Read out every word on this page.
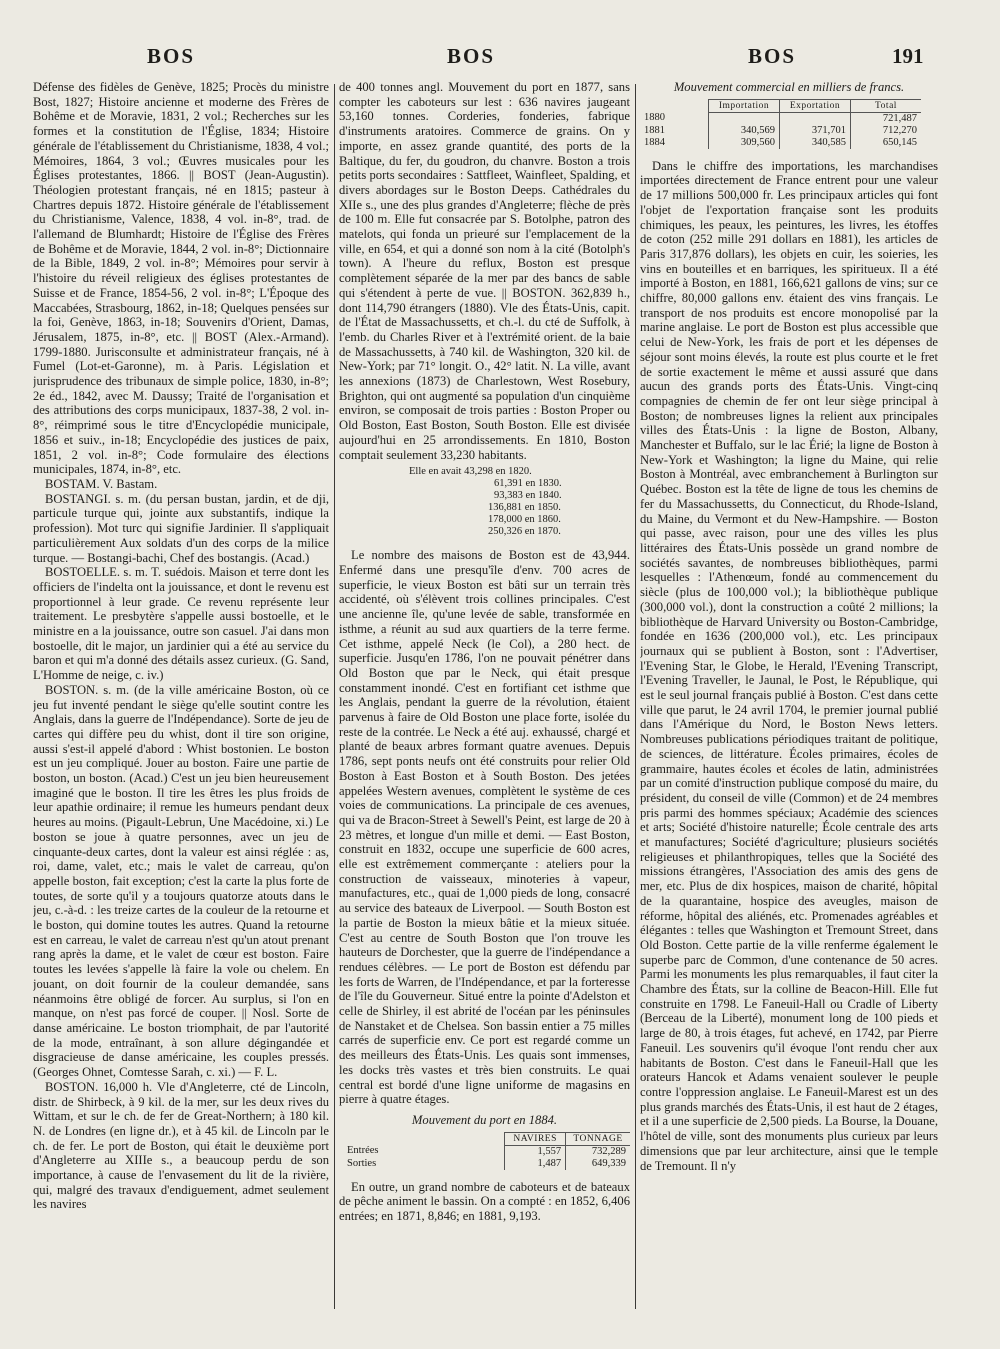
BOS	BOS	BOS	191

Défense des fidèles de Genève, 1825; Procès du ministre Bost, 1827; Histoire ancienne et moderne des Frères de Bohême et de Moravie, 1831, 2 vol.; Recherches sur les formes et la constitution de l'Église, 1834; Histoire générale de l'établissement du Christianisme, 1838, 4 vol.; Mémoires, 1864, 3 vol.; Œuvres musicales pour les Églises protestantes, 1866. || BOST (Jean-Augustin). Théologien protestant français, né en 1815; pasteur à Chartres depuis 1872. Histoire générale de l'établissement du Christianisme, Valence, 1838, 4 vol. in-8°, trad. de l'allemand de Blumhardt; Histoire de l'Église des Frères de Bohême et de Moravie, 1844, 2 vol. in-8°; Dictionnaire de la Bible, 1849, 2 vol. in-8°; Mémoires pour servir à l'histoire du réveil religieux des églises protestantes de Suisse et de France, 1854-56, 2 vol. in-8°; L'Époque des Maccabées, Strasbourg, 1862, in-18; Quelques pensées sur la foi, Genève, 1863, in-18; Souvenirs d'Orient, Damas, Jérusalem, 1875, in-8°, etc. || BOST (Alex.-Armand). 1799-1880. Jurisconsulte et administrateur français, né à Fumel (Lot-et-Garonne), m. à Paris. Législation et jurisprudence des tribunaux de simple police, 1830, in-8°; 2e éd., 1842, avec M. Daussy; Traité de l'organisation et des attributions des corps municipaux, 1837-38, 2 vol. in-8°, réimprimé sous le titre d'Encyclopédie municipale, 1856 et suiv., in-18; Encyclopédie des justices de paix, 1851, 2 vol. in-8°; Code formulaire des élections municipales, 1874, in-8°, etc.

BOSTAM. V. Bastam.

BOSTANGI. s. m. (du persan bustan, jardin, et de dji, particule turque qui, jointe aux substantifs, indique la profession). Mot turc qui signifie Jardinier. Il s'appliquait particulièrement Aux soldats d'un des corps de la milice turque. — Bostangi-bachi, Chef des bostangis. (Acad.)

BOSTOELLE. s. m. T. suédois. Maison et terre dont les officiers de l'indelta ont la jouissance, et dont le revenu est proportionnel à leur grade. Ce revenu représente leur traitement. Le presbytère s'appelle aussi bostoelle, et le ministre en a la jouissance, outre son casuel. J'ai dans mon bostoelle, dit le major, un jardinier qui a été au service du baron et qui m'a donné des détails assez curieux. (G. Sand, L'Homme de neige, c. iv.)

BOSTON. s. m. (de la ville américaine Boston, où ce jeu fut inventé pendant le siège qu'elle soutint contre les Anglais, dans la guerre de l'Indépendance). Sorte de jeu de cartes qui diffère peu du whist, dont il tire son origine, aussi s'est-il appelé d'abord : Whist bostonien. Le boston est un jeu compliqué. Jouer au boston. Faire une partie de boston, un boston. (Acad.) C'est un jeu bien heureusement imaginé que le boston. Il tire les êtres les plus froids de leur apathie ordinaire; il remue les humeurs pendant deux heures au moins. (Pigault-Lebrun, Une Macédoine, xi.) Le boston se joue à quatre personnes, avec un jeu de cinquante-deux cartes, dont la valeur est ainsi réglée : as, roi, dame, valet, etc.; mais le valet de carreau, qu'on appelle boston, fait exception; c'est la carte la plus forte de toutes, de sorte qu'il y a toujours quatorze atouts dans le jeu, c.-à-d. : les treize cartes de la couleur de la retourne et le boston, qui domine toutes les autres. Quand la retourne est en carreau, le valet de carreau n'est qu'un atout prenant rang après la dame, et le valet de cœur est boston. Faire toutes les levées s'appelle là faire la vole ou chelem. En jouant, on doit fournir de la couleur demandée, sans néanmoins être obligé de forcer. Au surplus, si l'on en manque, on n'est pas forcé de couper. || Nosl. Sorte de danse américaine. Le boston triomphait, de par l'autorité de la mode, entraînant, à son allure dégingandée et disgracieuse de danse américaine, les couples pressés. (Georges Ohnet, Comtesse Sarah, c. xi.) — F. L.

BOSTON. 16,000 h. Vle d'Angleterre, cté de Lincoln, distr. de Shirbeck, à 9 kil. de la mer, sur les deux rives du Wittam, et sur le ch. de fer de Great-Northern; à 180 kil. N. de Londres (en ligne dr.), et à 45 kil. de Lincoln par le ch. de fer. Le port de Boston, qui était le deuxième port d'Angleterre au XIIIe s., a beaucoup perdu de son importance, à cause de l'envasement du lit de la rivière, qui, malgré des travaux d'endiguement, admet seulement les navires

de 400 tonnes angl. Mouvement du port en 1877, sans compter les caboteurs sur lest : 636 navires jaugeant 53,160 tonnes. Corderies, fonderies, fabrique d'instruments aratoires. Commerce de grains. On y importe, en assez grande quantité, des ports de la Baltique, du fer, du goudron, du chanvre. Boston a trois petits ports secondaires : Sattfleet, Wainfleet, Spalding, et divers abordages sur le Boston Deeps. Cathédrales du XIIe s., une des plus grandes d'Angleterre; flèche de près de 100 m. Elle fut consacrée par S. Botolphe, patron des matelots, qui fonda un prieuré sur l'emplacement de la ville, en 654, et qui a donné son nom à la cité (Botolph's town). A l'heure du reflux, Boston est presque complètement séparée de la mer par des bancs de sable qui s'étendent à perte de vue. || BOSTON. 362,839 h., dont 114,790 étrangers (1880). Vle des États-Unis, capit. de l'État de Massachussetts, et ch.-l. du cté de Suffolk, à l'emb. du Charles River et à l'extrémité orient. de la baie de Massachussetts, à 740 kil. de Washington, 320 kil. de New-York; par 71° longit. O., 42° latit. N. La ville, avant les annexions (1873) de Charlestown, West Rosebury, Brighton, qui ont augmenté sa population d'un cinquième environ, se composait de trois parties : Boston Proper ou Old Boston, East Boston, South Boston. Elle est divisée aujourd'hui en 25 arrondissements. En 1810, Boston comptait seulement 33,230 habitants.

Elle en avait 43,298 en 1820.
61,391 en 1830.
93,383 en 1840.
136,881 en 1850.
178,000 en 1860.
250,326 en 1870.

Le nombre des maisons de Boston est de 43,944. Enfermé dans une presqu'île d'env. 700 acres de superficie, le vieux Boston est bâti sur un terrain très accidenté, où s'élèvent trois collines principales. C'est une ancienne île, qu'une levée de sable, transformée en isthme, a réunit au sud aux quartiers de la terre ferme. Cet isthme, appelé Neck (le Col), a 280 hect. de superficie. Jusqu'en 1786, l'on ne pouvait pénétrer dans Old Boston que par le Neck, qui était presque constamment inondé. C'est en fortifiant cet isthme que les Anglais, pendant la guerre de la révolution, étaient parvenus à faire de Old Boston une place forte, isolée du reste de la contrée. Le Neck a été auj. exhaussé, chargé et planté de beaux arbres formant quatre avenues. Depuis 1786, sept ponts neufs ont été construits pour relier Old Boston à East Boston et à South Boston. Des jetées appelées Western avenues, complètent le système de ces voies de communications. La principale de ces avenues, qui va de Bracon-Street à Sewell's Peint, est large de 20 à 23 mètres, et longue d'un mille et demi. — East Boston, construit en 1832, occupe une superficie de 600 acres, elle est extrêmement commerçante : ateliers pour la construction de vaisseaux, minoteries à vapeur, manufactures, etc., quai de 1,000 pieds de long, consacré au service des bateaux de Liverpool. — South Boston est la partie de Boston la mieux bâtie et la mieux située. C'est au centre de South Boston que l'on trouve les hauteurs de Dorchester, que la guerre de l'indépendance a rendues célèbres. — Le port de Boston est défendu par les forts de Warren, de l'Indépendance, et par la forteresse de l'île du Gouverneur. Situé entre la pointe d'Adelston et celle de Shirley, il est abrité de l'océan par les péninsules de Nanstaket et de Chelsea. Son bassin entier a 75 milles carrés de superficie env. Ce port est regardé comme un des meilleurs des États-Unis. Les quais sont immenses, les docks très vastes et très bien construits. Le quai central est bordé d'une ligne uniforme de magasins en pierre à quatre étages.

Mouvement du port en 1884.
	NAVIRES	TONNAGE
Entrées	1,557	732,289
Sorties	1,487	649,339

En outre, un grand nombre de caboteurs et de bateaux de pêche animent le bassin. On a compté : en 1852, 6,406 entrées; en 1871, 8,846; en 1881, 9,193.

Mouvement commercial en milliers de francs.
	Importation	Exportation	Total
1880			721,487
1881	340,569	371,701	712,270
1884	309,560	340,585	650,145

Dans le chiffre des importations, les marchandises importées directement de France entrent pour une valeur de 17 millions 500,000 fr. Les principaux articles qui font l'objet de l'exportation française sont les produits chimiques, les peaux, les peintures, les livres, les étoffes de coton (252 mille 291 dollars en 1881), les articles de Paris 317,876 dollars), les objets en cuir, les soieries, les vins en bouteilles et en barriques, les spiritueux. Il a été importé à Boston, en 1881, 166,621 gallons de vins; sur ce chiffre, 80,000 gallons env. étaient des vins français. Le transport de nos produits est encore monopolisé par la marine anglaise. Le port de Boston est plus accessible que celui de New-York, les frais de port et les dépenses de séjour sont moins élevés, la route est plus courte et le fret de sortie exactement le même et aussi assuré que dans aucun des grands ports des États-Unis. Vingt-cinq compagnies de chemin de fer ont leur siège principal à Boston; de nombreuses lignes la relient aux principales villes des États-Unis : la ligne de Boston, Albany, Manchester et Buffalo, sur le lac Érié; la ligne de Boston à New-York et Washington; la ligne du Maine, qui relie Boston à Montréal, avec embranchement à Burlington sur Québec. Boston est la tête de ligne de tous les chemins de fer du Massachussetts, du Connecticut, du Rhode-Island, du Maine, du Vermont et du New-Hampshire. — Boston qui passe, avec raison, pour une des villes les plus littéraires des États-Unis possède un grand nombre de sociétés savantes, de nombreuses bibliothèques, parmi lesquelles : l'Athenœum, fondé au commencement du siècle (plus de 100,000 vol.); la bibliothèque publique (300,000 vol.), dont la construction a coûté 2 millions; la bibliothèque de Harvard University ou Boston-Cambridge, fondée en 1636 (200,000 vol.), etc. Les principaux journaux qui se publient à Boston, sont : l'Advertiser, l'Evening Star, le Globe, le Herald, l'Evening Transcript, l'Evening Traveller, le Jaunal, le Post, le République, qui est le seul journal français publié à Boston. C'est dans cette ville que parut, le 24 avril 1704, le premier journal publié dans l'Amérique du Nord, le Boston News letters. Nombreuses publications périodiques traitant de politique, de sciences, de littérature. Écoles primaires, écoles de grammaire, hautes écoles et écoles de latin, administrées par un comité d'instruction publique composé du maire, du président, du conseil de ville (Common) et de 24 membres pris parmi des hommes spéciaux; Académie des sciences et arts; Société d'histoire naturelle; École centrale des arts et manufactures; Société d'agriculture; plusieurs sociétés religieuses et philanthropiques, telles que la Société des missions étrangères, l'Association des amis des gens de mer, etc. Plus de dix hospices, maison de charité, hôpital de la quarantaine, hospice des aveugles, maison de réforme, hôpital des aliénés, etc. Promenades agréables et élégantes : telles que Washington et Tremount Street, dans Old Boston. Cette partie de la ville renferme également le superbe parc de Common, d'une contenance de 50 acres. Parmi les monuments les plus remarquables, il faut citer la Chambre des États, sur la colline de Beacon-Hill. Elle fut construite en 1798. Le Faneuil-Hall ou Cradle of Liberty (Berceau de la Liberté), monument long de 100 pieds et large de 80, à trois étages, fut achevé, en 1742, par Pierre Faneuil. Les souvenirs qu'il évoque l'ont rendu cher aux habitants de Boston. C'est dans le Faneuil-Hall que les orateurs Hancok et Adams venaient soulever le peuple contre l'oppression anglaise. Le Faneuil-Marest est un des plus grands marchés des États-Unis, il est haut de 2 étages, et il a une superficie de 2,500 pieds. La Bourse, la Douane, l'hôtel de ville, sont des monuments plus curieux par leurs dimensions que par leur architecture, ainsi que le temple de Tremount. Il n'y
